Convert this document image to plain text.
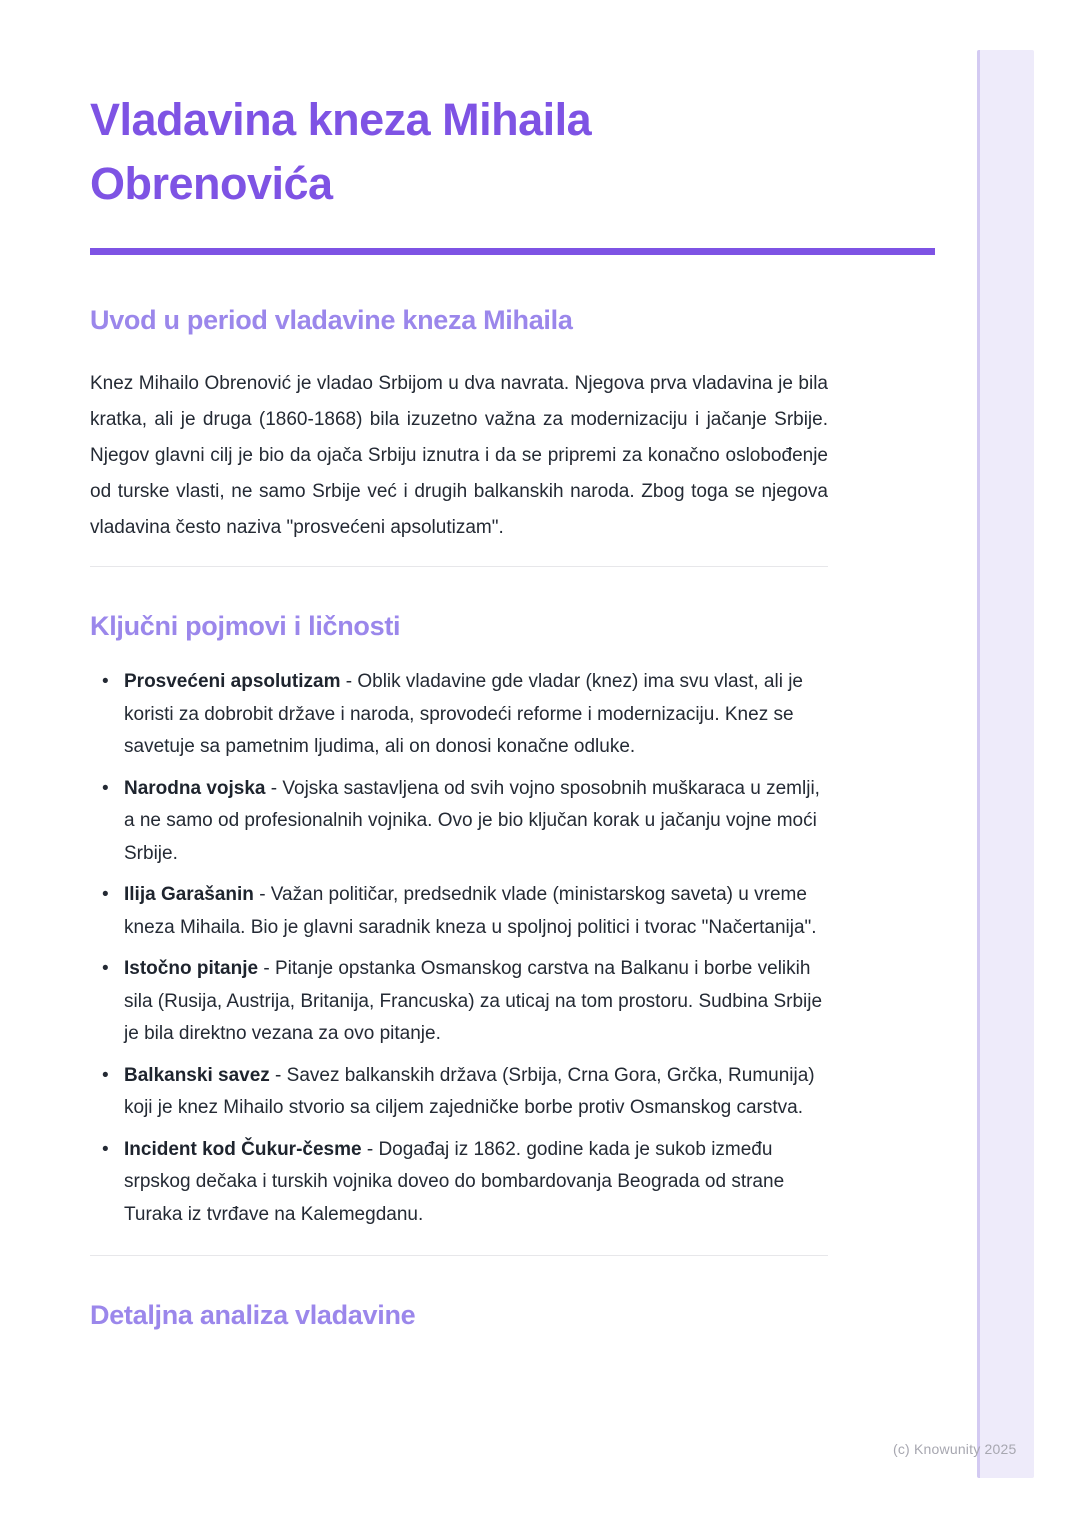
(c) Knowunity 2025
Vladavina kneza Mihaila Obrenovića
Uvod u period vladavine kneza Mihaila

Knez Mihailo Obrenović je vladao Srbijom u dva navrata. Njegova prva vladavina je bila kratka, ali je druga (1860-1868) bila izuzetno važna za modernizaciju i jačanje Srbije. Njegov glavni cilj je bio da ojača Srbiju iznutra i da se pripremi za konačno oslobođenje od turske vlasti, ne samo Srbije već i drugih balkanskih naroda. Zbog toga se njegova vladavina često naziva "prosvećeni apsolutizam".

Ključni pojmovi i ličnosti
• Prosvećeni apsolutizam - Oblik vladavine gde vladar (knez) ima svu vlast, ali je koristi za dobrobit države i naroda, sprovodeći reforme i modernizaciju. Knez se savetuje sa pametnim ljudima, ali on donosi konačne odluke.
• Narodna vojska - Vojska sastavljena od svih vojno sposobnih muškaraca u zemlji, a ne samo od profesionalnih vojnika. Ovo je bio ključan korak u jačanju vojne moći Srbije.
• Ilija Garašanin - Važan političar, predsednik vlade (ministarskog saveta) u vreme kneza Mihaila. Bio je glavni saradnik kneza u spoljnoj politici i tvorac "Načertanija".
• Istočno pitanje - Pitanje opstanka Osmanskog carstva na Balkanu i borbe velikih sila (Rusija, Austrija, Britanija, Francuska) za uticaj na tom prostoru. Sudbina Srbije je bila direktno vezana za ovo pitanje.
• Balkanski savez - Savez balkanskih država (Srbija, Crna Gora, Grčka, Rumunija) koji je knez Mihailo stvorio sa ciljem zajedničke borbe protiv Osmanskog carstva.
• Incident kod Čukur-česme - Događaj iz 1862. godine kada je sukob između srpskog dečaka i turskih vojnika doveo do bombardovanja Beograda od strane Turaka iz tvrđave na Kalemegdanu.
Detaljna analiza vladavine
